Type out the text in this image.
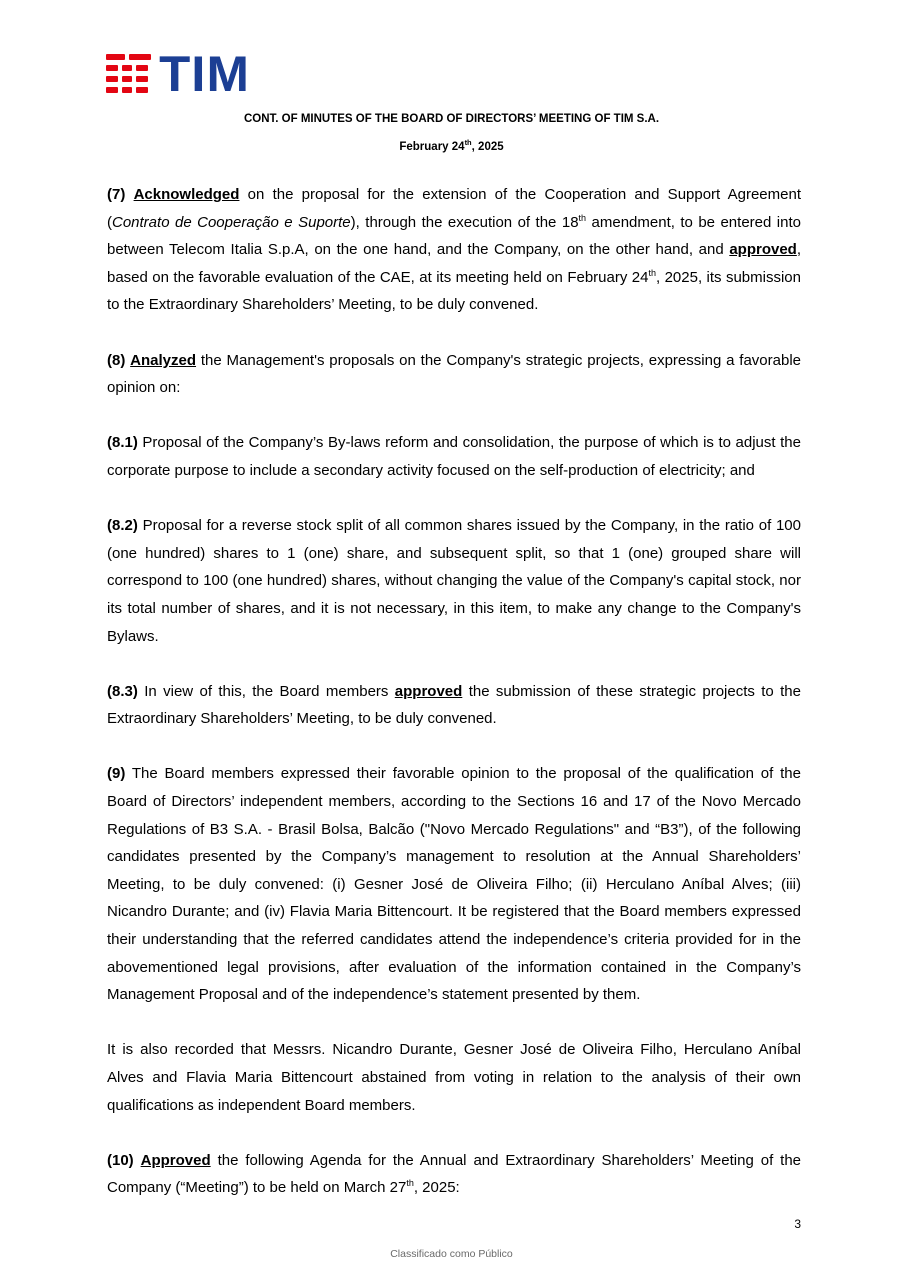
TIM
CONT. OF MINUTES OF THE BOARD OF DIRECTORS’ MEETING OF TIM S.A.
February 24th, 2025

(7) Acknowledged on the proposal for the extension of the Cooperation and Support Agreement (Contrato de Cooperação e Suporte), through the execution of the 18th amendment, to be entered into between Telecom Italia S.p.A, on the one hand, and the Company, on the other hand, and approved, based on the favorable evaluation of the CAE, at its meeting held on February 24th, 2025, its submission to the Extraordinary Shareholders’ Meeting, to be duly convened.

(8) Analyzed the Management's proposals on the Company's strategic projects, expressing a favorable opinion on:

(8.1) Proposal of the Company’s By-laws reform and consolidation, the purpose of which is to adjust the corporate purpose to include a secondary activity focused on the self-production of electricity; and

(8.2) Proposal for a reverse stock split of all common shares issued by the Company, in the ratio of 100 (one hundred) shares to 1 (one) share, and subsequent split, so that 1 (one) grouped share will correspond to 100 (one hundred) shares, without changing the value of the Company's capital stock, nor its total number of shares, and it is not necessary, in this item, to make any change to the Company's Bylaws.

(8.3) In view of this, the Board members approved the submission of these strategic projects to the Extraordinary Shareholders’ Meeting, to be duly convened.

(9) The Board members expressed their favorable opinion to the proposal of the qualification of the Board of Directors’ independent members, according to the Sections 16 and 17 of the Novo Mercado Regulations of B3 S.A. - Brasil Bolsa, Balcão ("Novo Mercado Regulations" and “B3”), of the following candidates presented by the Company’s management to resolution at the Annual Shareholders’ Meeting, to be duly convened: (i) Gesner José de Oliveira Filho; (ii) Herculano Aníbal Alves; (iii) Nicandro Durante; and (iv) Flavia Maria Bittencourt. It be registered that the Board members expressed their understanding that the referred candidates attend the independence’s criteria provided for in the abovementioned legal provisions, after evaluation of the information contained in the Company’s Management Proposal and of the independence’s statement presented by them.

It is also recorded that Messrs. Nicandro Durante, Gesner José de Oliveira Filho, Herculano Aníbal Alves and Flavia Maria Bittencourt abstained from voting in relation to the analysis of their own qualifications as independent Board members.

(10) Approved the following Agenda for the Annual and Extraordinary Shareholders’ Meeting of the Company (“Meeting”) to be held on March 27th, 2025:

3
Classificado como Público
